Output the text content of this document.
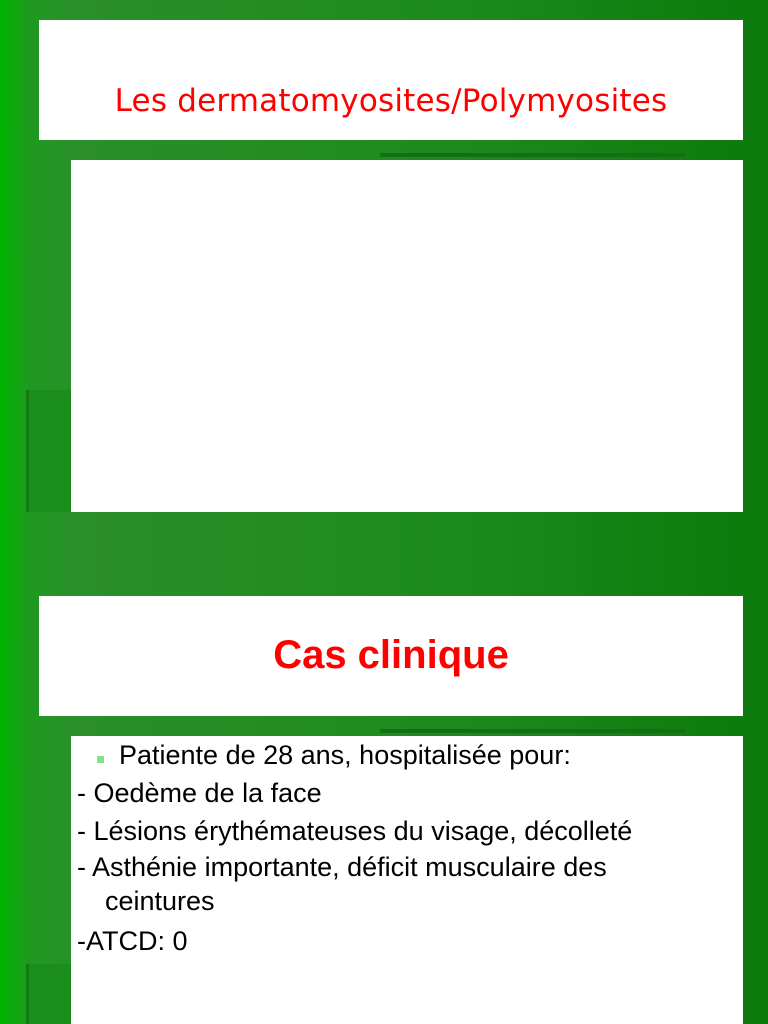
Les dermatomyosites/Polymyosites
Cas clinique
Patiente de 28 ans, hospitalisée pour:
- Oedème de la face
- Lésions érythémateuses du visage, décolleté
- Asthénie importante, déficit musculaire des
ceintures
-ATCD: 0
